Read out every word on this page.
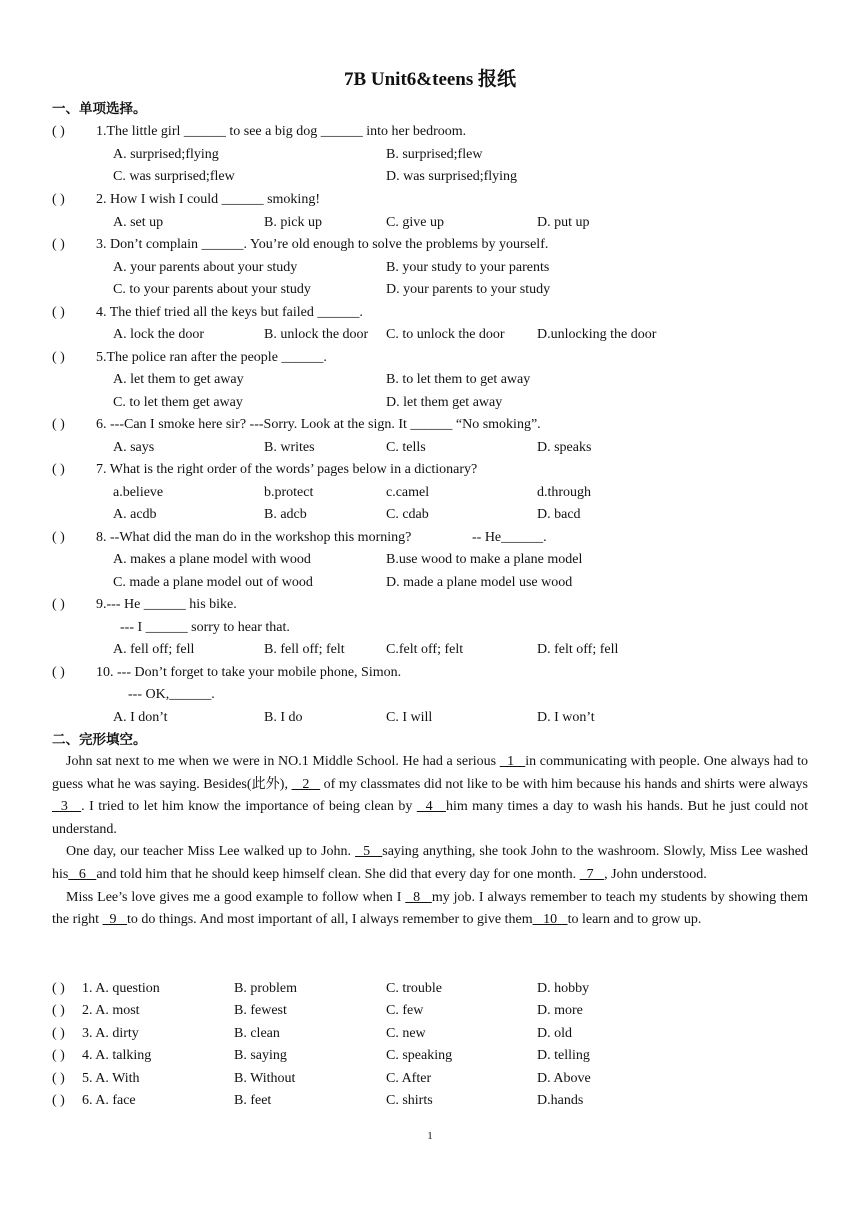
7B Unit6&teens 报纸
一、单项选择。
( ) 1.The little girl ______ to see a big dog ______ into her bedroom.
A. surprised;flying	B. surprised;flew
C. was surprised;flew	D. was surprised;flying
( ) 2. How I wish I could ______ smoking!
A. set up	B. pick up	C. give up	D. put up
( ) 3. Don’t complain ______. You’re old enough to solve the problems by yourself.
A. your parents about your study	B. your study to your parents
C. to your parents about your study	D. your parents to your study
( ) 4. The thief tried all the keys but failed ______.
A. lock the door	B. unlock the door C. to unlock the door D.unlocking the door
( ) 5.The police ran after the people ______.
A. let them to get away	B. to let them to get away
C. to let them get away	D. let them get away
( ) 6. ---Can I smoke here sir? ---Sorry. Look at the sign. It ______ “No smoking”.
A. says	B. writes	C. tells	D. speaks
( ) 7. What is the right order of the words’ pages below in a dictionary?
a.believe	b.protect	c.camel	d.through
A. acdb	B. adcb	C. cdab	D. bacd
( ) 8. --What did the man do in the workshop this morning?	-- He______.
A. makes a plane model with wood	B.use wood to make a plane model
C. made a plane model out of wood	D. made a plane model use wood
( ) 9.--- He ______ his bike.
--- I ______ sorry to hear that.
A. fell off; fell	B. fell off; felt	C.felt off; felt	D. felt off; fell
( ) 10. --- Don’t forget to take your mobile phone, Simon.
--- OK,______.
A. I don’t	B. I do	C. I will	D. I won’t
二、完形填空。

John sat next to me when we were in NO.1 Middle School. He had a serious   1   in communicating with people. One always had to guess what he was saying. Besides(此外),    2    of my classmates did not like to be with him because his hands and shirts were always   3   . I tried to let him know the importance of being clean by   4   him many times a day to wash his hands. But he just could not understand.

One day, our teacher Miss Lee walked up to John.   5   saying anything, she took John to the washroom. Slowly, Miss Lee washed his   6   and told him that he should keep himself clean. She did that every day for one month.   7   , John understood.

Miss Lee’s love gives me a good example to follow when I   8   my job. I always remember to teach my students by showing them the right   9   to do things. And most important of all, I always remember to give them   10   to learn and to grow up.

( ) 1. A. question	B. problem	C. trouble	D. hobby
( ) 2. A. most	B. fewest	C. few	D. more
( ) 3. A. dirty	B. clean	C. new	D. old
( ) 4. A. talking	B. saying	C. speaking	D. telling
( ) 5. A. With	B. Without	C. After	D. Above
( ) 6. A. face	B. feet	C. shirts	D.hands
1
